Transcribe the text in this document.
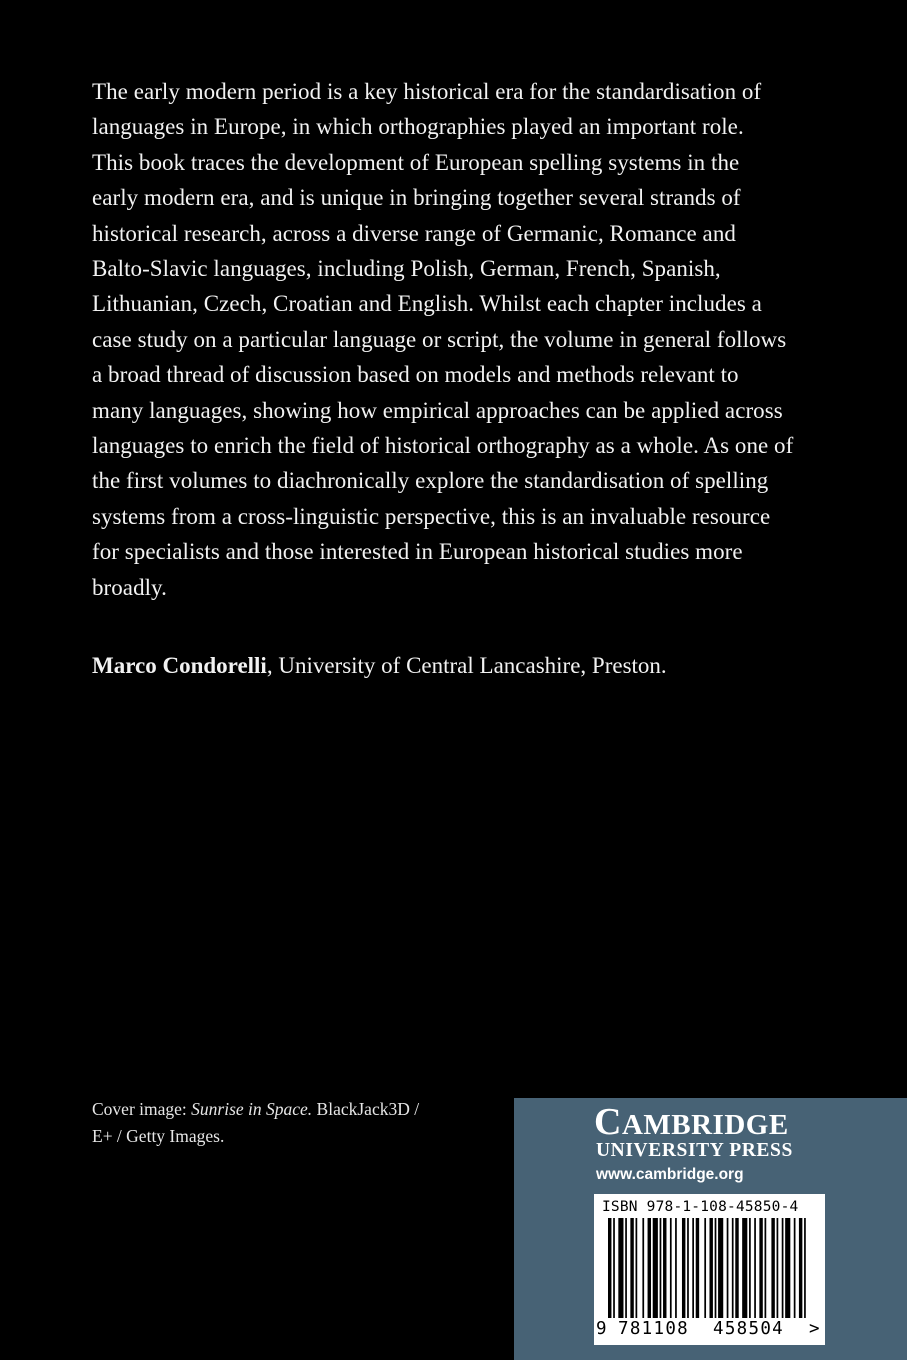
The early modern period is a key historical era for the standardisation of
languages in Europe, in which orthographies played an important role.
This book traces the development of European spelling systems in the
early modern era, and is unique in bringing together several strands of
historical research, across a diverse range of Germanic, Romance and
Balto-Slavic languages, including Polish, German, French, Spanish,
Lithuanian, Czech, Croatian and English. Whilst each chapter includes a
case study on a particular language or script, the volume in general follows
a broad thread of discussion based on models and methods relevant to
many languages, showing how empirical approaches can be applied across
languages to enrich the field of historical orthography as a whole. As one of
the first volumes to diachronically explore the standardisation of spelling
systems from a cross-linguistic perspective, this is an invaluable resource
for specialists and those interested in European historical studies more
broadly.
Marco Condorelli, University of Central Lancashire, Preston.
Cover image: Sunrise in Space. BlackJack3D /
E+ / Getty Images.	CAMBRIDGE
UNIVERSITY PRESS
www.cambridge.org
ISBN 978-1-108-45850-4
9 781108 458504 >
